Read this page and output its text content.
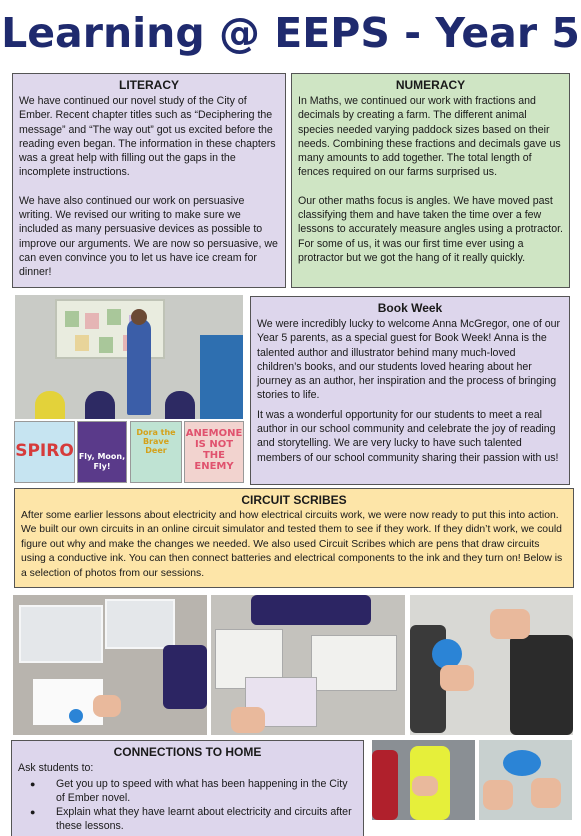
Learning @ EEPS - Year 5
LITERACY

We have continued our novel study of the City of Ember. Recent chapter titles such as “Deciphering the message” and “The way out” got us excited before the reading even began. The information in these chapters was a great help with filling out the gaps in the incomplete instructions.

We have also continued our work on persuasive writing. We revised our writing to make sure we included as many persuasive devices as possible to improve our arguments. We are now so persuasive, we can even convince you to let us have ice cream for dinner!

NUMERACY

In Maths, we continued our work with fractions and decimals by creating a farm. The different animal species needed varying paddock sizes based on their needs. Combining these fractions and decimals gave us many amounts to add together. The total length of fences required on our farms surprised us.

Our other maths focus is angles. We have moved past classifying them and have taken the time over a few lessons to accurately measure angles using a protractor. For some of us, it was our first time ever using a protractor but we got the hang of it really quickly.

SPIRO Fly, Moon, Fly!
Dora the Brave Deer
ANEMONE IS NOT THE ENEMY
Book Week

We were incredibly lucky to welcome Anna McGregor, one of our Year 5 parents, as a special guest for Book Week! Anna is the talented author and illustrator behind many much-loved children’s books, and our students loved hearing about her journey as an author, her inspiration and the process of bringing stories to life.

It was a wonderful opportunity for our students to meet a real author in our school community and celebrate the joy of reading and storytelling. We are very lucky to have such talented members of our school community sharing their passion with us!

CIRCUIT SCRIBES

After some earlier lessons about electricity and how electrical circuits work, we were now ready to put this into action. We built our own circuits in an online circuit simulator and tested them to see if they work. If they didn’t work, we could figure out why and make the changes we needed. We also used Circuit Scribes which are pens that draw circuits using a conductive ink. You can then connect batteries and electrical components to the ink and they turn on! Below is a selection of photos from our sessions.

CONNECTIONS TO HOME

Ask students to:

● Get you up to speed with what has been happening in the City of Ember novel.
● Explain what they have learnt about electricity and circuits after these lessons.
